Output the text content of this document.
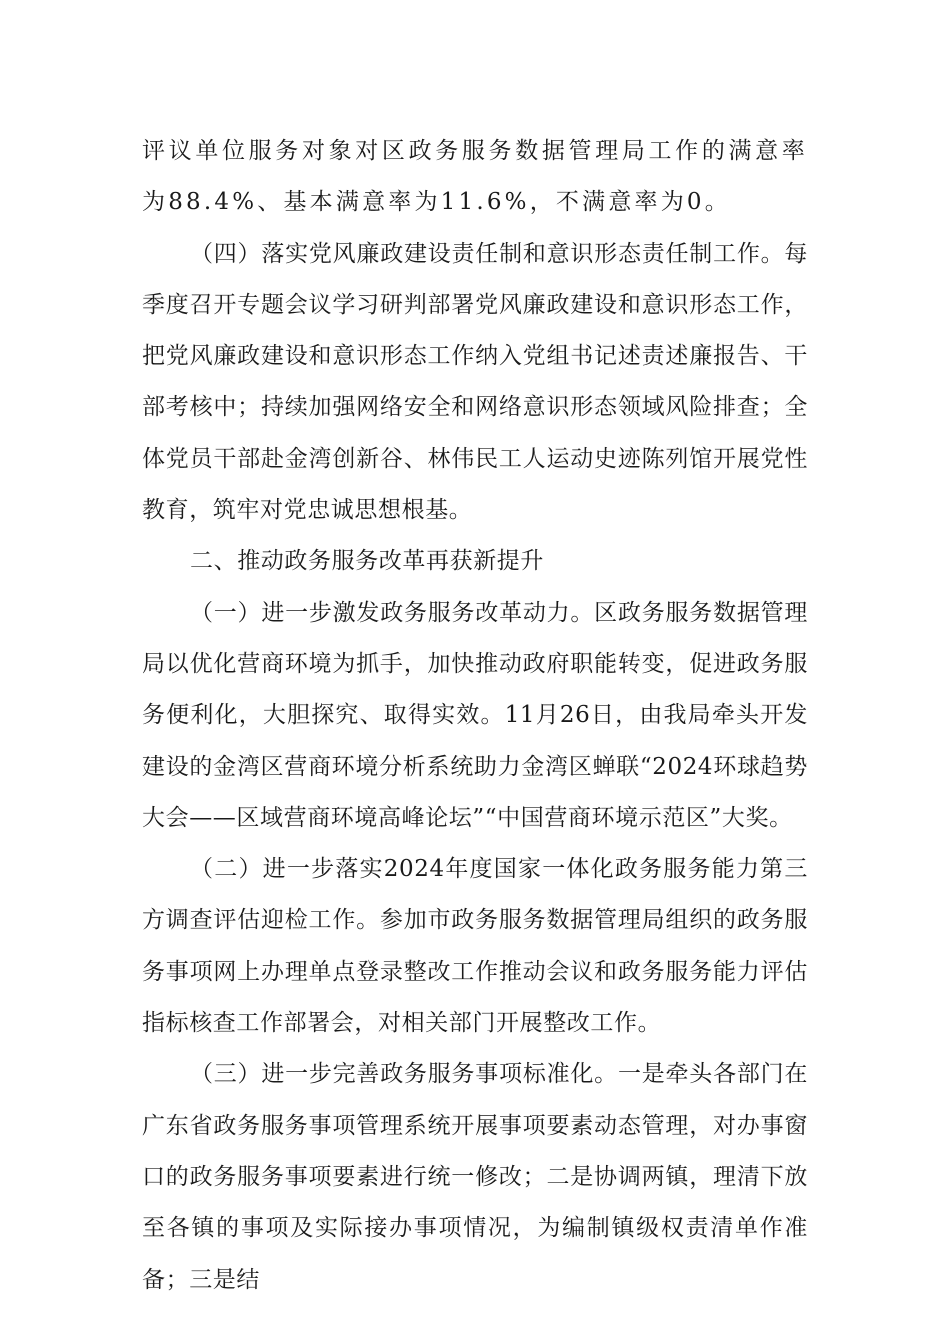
评议单位服务对象对区政务服务数据管理局工作的满意率为88.4%、基本满意率为11.6%，不满意率为0。

（四）落实党风廉政建设责任制和意识形态责任制工作。每季度召开专题会议学习研判部署党风廉政建设和意识形态工作，把党风廉政建设和意识形态工作纳入党组书记述责述廉报告、干部考核中；持续加强网络安全和网络意识形态领域风险排查；全体党员干部赴金湾创新谷、林伟民工人运动史迹陈列馆开展党性教育，筑牢对党忠诚思想根基。

二、推动政务服务改革再获新提升

（一）进一步激发政务服务改革动力。区政务服务数据管理局以优化营商环境为抓手，加快推动政府职能转变，促进政务服务便利化，大胆探究、取得实效。11月26日，由我局牵头开发建设的金湾区营商环境分析系统助力金湾区蝉联“2024环球趋势大会——区域营商环境高峰论坛”“中国营商环境示范区”大奖。

（二）进一步落实2024年度国家一体化政务服务能力第三方调查评估迎检工作。参加市政务服务数据管理局组织的政务服务事项网上办理单点登录整改工作推动会议和政务服务能力评估指标核查工作部署会，对相关部门开展整改工作。

（三）进一步完善政务服务事项标准化。一是牵头各部门在广东省政务服务事项管理系统开展事项要素动态管理，对办事窗口的政务服务事项要素进行统一修改；二是协调两镇，理清下放至各镇的事项及实际接办事项情况，为编制镇级权责清单作准备；三是结
